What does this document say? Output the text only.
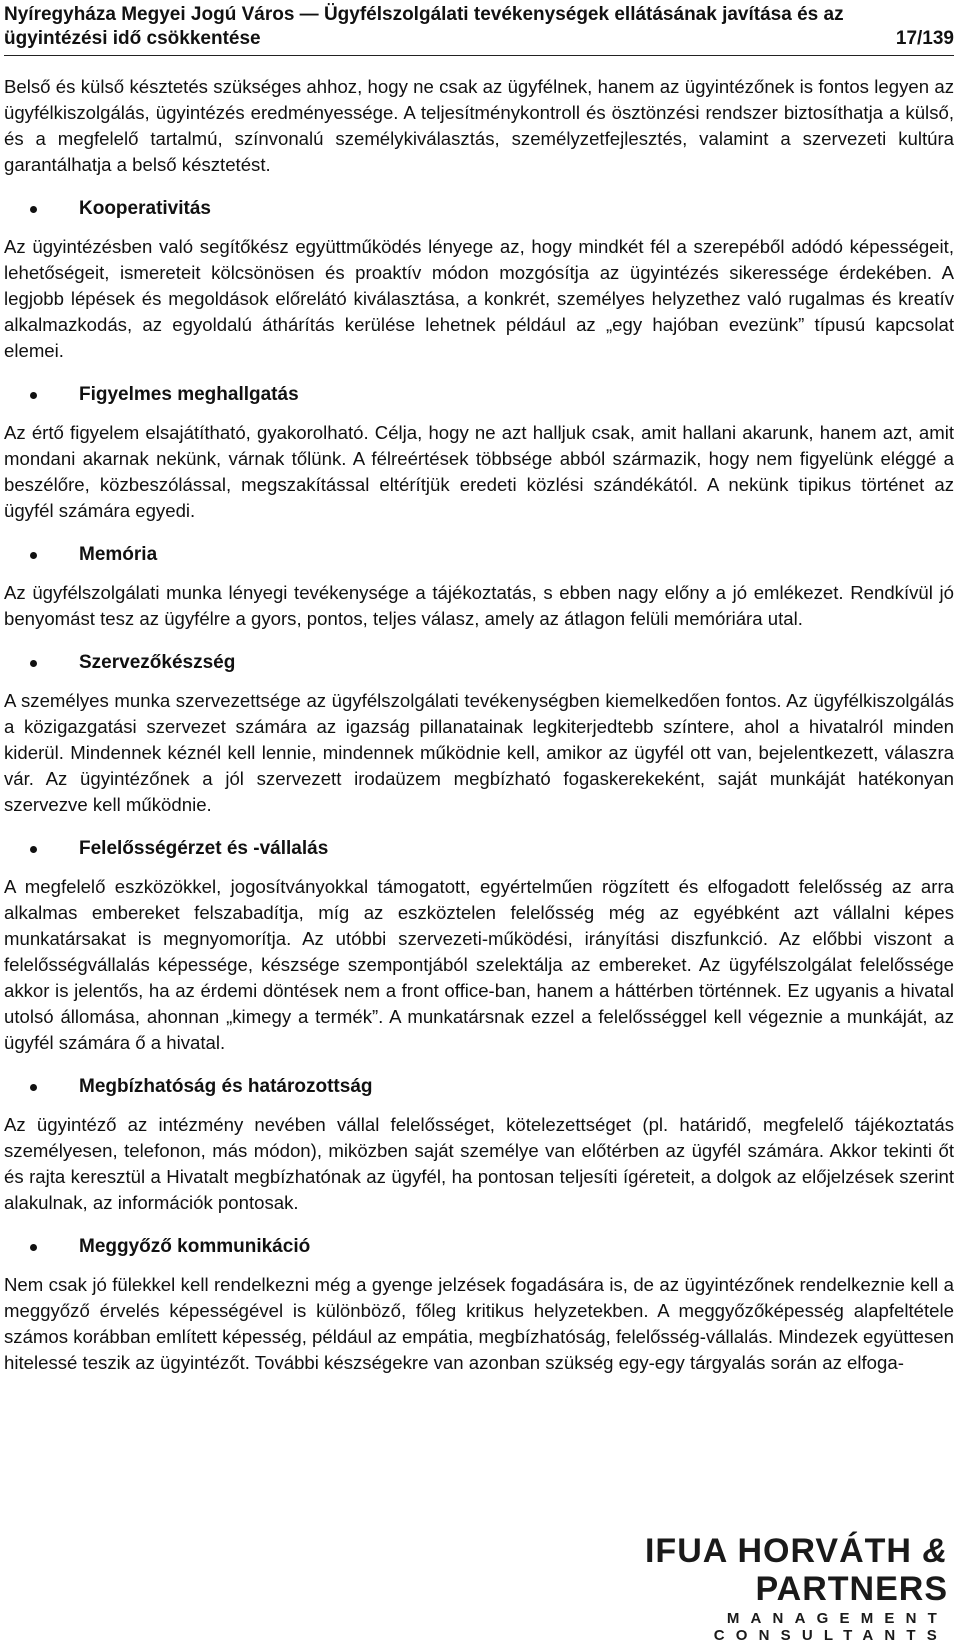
Nyíregyháza Megyei Jogú Város — Ügyfélszolgálati tevékenységek ellátásának javítása és az
ügyintézési idő csökkentése	17/139

Belső és külső késztetés szükséges ahhoz, hogy ne csak az ügyfélnek, hanem az ügyintézőnek is fontos legyen az ügyfélkiszolgálás, ügyintézés eredményessége. A teljesítménykontroll és ösztönzési rendszer biztosíthatja a külső, és a megfelelő tartalmú, színvonalú személykiválasztás, személyzetfejlesztés, valamint a szervezeti kultúra garantálhatja a belső késztetést.

Kooperativitás

Az ügyintézésben való segítőkész együttműködés lényege az, hogy mindkét fél a szerepéből adódó képességeit, lehetőségeit, ismereteit kölcsönösen és proaktív módon mozgósítja az ügyintézés sikeressége érdekében. A legjobb lépések és megoldások előrelátó kiválasztása, a konkrét, személyes helyzethez való rugalmas és kreatív alkalmazkodás, az egyoldalú áthárítás kerülése lehetnek például az „egy hajóban evezünk” típusú kapcsolat elemei.

Figyelmes meghallgatás

Az értő figyelem elsajátítható, gyakorolható. Célja, hogy ne azt halljuk csak, amit hallani akarunk, hanem azt, amit mondani akarnak nekünk, várnak tőlünk. A félreértések többsége abból származik, hogy nem figyelünk eléggé a beszélőre, közbeszólással, megszakítással eltérítjük eredeti közlési szándékától. A nekünk tipikus történet az ügyfél számára egyedi.

Memória

Az ügyfélszolgálati munka lényegi tevékenysége a tájékoztatás, s ebben nagy előny a jó emlékezet. Rendkívül jó benyomást tesz az ügyfélre a gyors, pontos, teljes válasz, amely az átlagon felüli memóriára utal.

Szervezőkészség

A személyes munka szervezettsége az ügyfélszolgálati tevékenységben kiemelkedően fontos. Az ügyfélkiszolgálás a közigazgatási szervezet számára az igazság pillanatainak legkiterjedtebb színtere, ahol a hivatalról minden kiderül. Mindennek kéznél kell lennie, mindennek működnie kell, amikor az ügyfél ott van, bejelentkezett, válaszra vár. Az ügyintézőnek a jól szervezett irodaüzem megbízható fogaskerekeként, saját munkáját hatékonyan szervezve kell működnie.

Felelősségérzet és -vállalás

A megfelelő eszközökkel, jogosítványokkal támogatott, egyértelműen rögzített és elfogadott felelősség az arra alkalmas embereket felszabadítja, míg az eszköztelen felelősség még az egyébként azt vállalni képes munkatársakat is megnyomorítja. Az utóbbi szervezeti-működési, irányítási diszfunkció. Az előbbi viszont a felelősségvállalás képessége, készsége szempontjából szelektálja az embereket. Az ügyfélszolgálat felelőssége akkor is jelentős, ha az érdemi döntések nem a front office-ban, hanem a háttérben történnek. Ez ugyanis a hivatal utolsó állomása, ahonnan „kimegy a termék”. A munkatársnak ezzel a felelősséggel kell végeznie a munkáját, az ügyfél számára ő a hivatal.

Megbízhatóság és határozottság

Az ügyintéző az intézmény nevében vállal felelősséget, kötelezettséget (pl. határidő, megfelelő tájékoztatás személyesen, telefonon, más módon), miközben saját személye van előtérben az ügyfél számára. Akkor tekinti őt és rajta keresztül a Hivatalt megbízhatónak az ügyfél, ha pontosan teljesíti ígéreteit, a dolgok az előjelzések szerint alakulnak, az információk pontosak.

Meggyőző kommunikáció

Nem csak jó fülekkel kell rendelkezni még a gyenge jelzések fogadására is, de az ügyintézőnek rendelkeznie kell a meggyőző érvelés képességével is különböző, főleg kritikus helyzetekben. A meggyőzőképesség alapfeltétele számos korábban említett képesség, például az empátia, megbízhatóság, felelősség-vállalás. Mindezek együttesen hitelessé teszik az ügyintézőt. További készségekre van azonban szükség egy-egy tárgyalás során az elfoga-

IFUA HORVÁTH & PARTNERS
MANAGEMENT CONSULTANTS
